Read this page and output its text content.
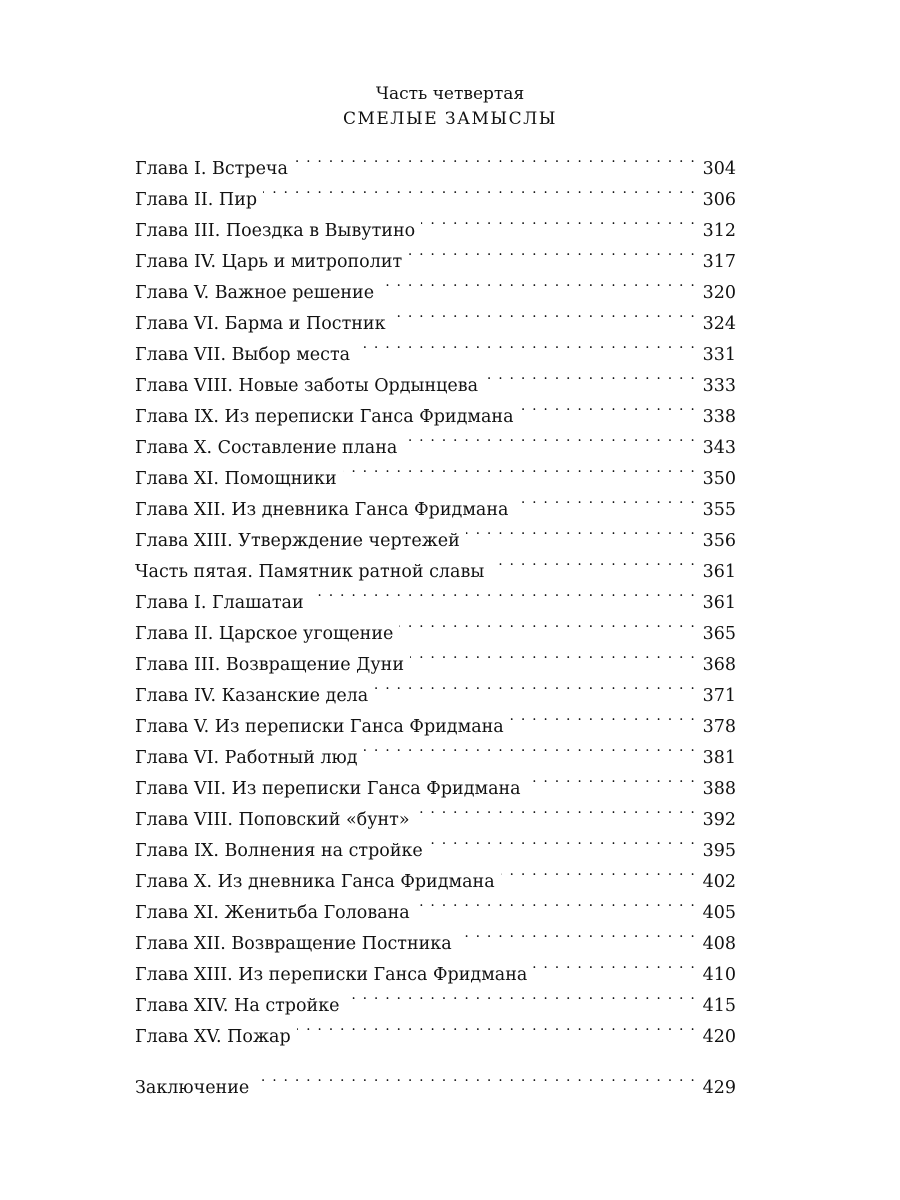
Часть четвертая
СМЕЛЫЕ ЗАМЫСЛЫ
Глава I. Встреча . . .	304
Глава II. Пир . . .	306
Глава III. Поездка в Вывутино . . .	312
Глава IV. Царь и митрополит . . .	317
Глава V. Важное решение . . .	320
Глава VI. Барма и Постник . . .	324
Глава VII. Выбор места . . .	331
Глава VIII. Новые заботы Ордынцева . . .	333
Глава IX. Из переписки Ганса Фридмана . . .	338
Глава X. Составление плана . . .	343
Глава XI. Помощники . . .	350
Глава XII. Из дневника Ганса Фридмана . . .	355
Глава XIII. Утверждение чертежей . . .	356
Часть пятая. Памятник ратной славы . . .	361
Глава I. Глашатаи . . .	361
Глава II. Царское угощение . . .	365
Глава III. Возвращение Дуни . . .	368
Глава IV. Казанские дела . . .	371
Глава V. Из переписки Ганса Фридмана . . .	378
Глава VI. Работный люд . . .	381
Глава VII. Из переписки Ганса Фридмана . . .	388
Глава VIII. Поповский «бунт» . . .	392
Глава IX. Волнения на стройке . . .	395
Глава X. Из дневника Ганса Фридмана . . .	402
Глава XI. Женитьба Голована . . .	405
Глава XII. Возвращение Постника . . .	408
Глава XIII. Из переписки Ганса Фридмана . . .	410
Глава XIV. На стройке . . .	415
Глава XV. Пожар . . .	420
Заключение . . .	429
